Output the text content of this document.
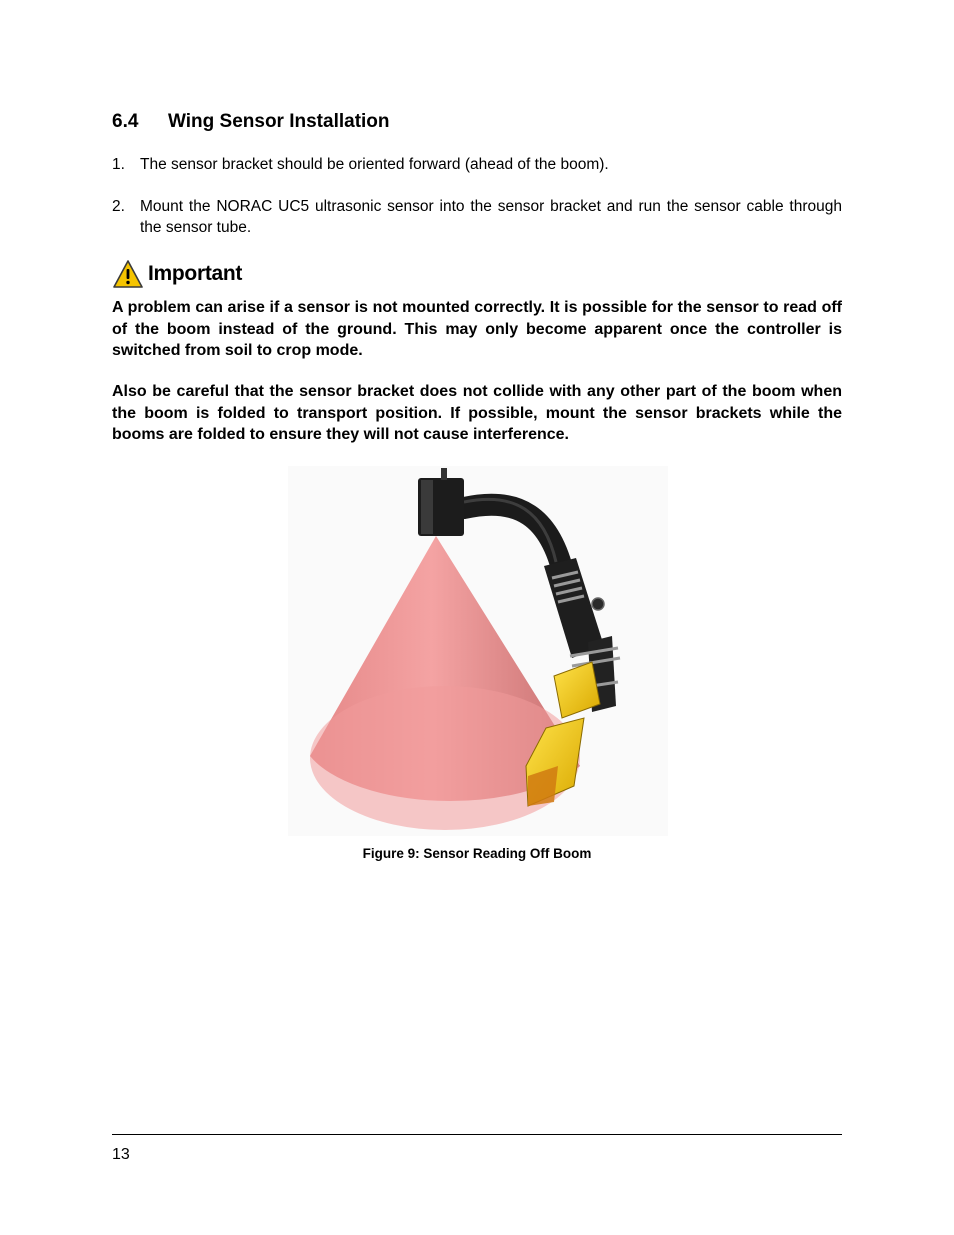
6.4 Wing Sensor Installation
1. The sensor bracket should be oriented forward (ahead of the boom).
2. Mount the NORAC UC5 ultrasonic sensor into the sensor bracket and run the sensor cable through the sensor tube.
Important

A problem can arise if a sensor is not mounted correctly. It is possible for the sensor to read off of the boom instead of the ground. This may only become apparent once the controller is switched from soil to crop mode.

Also be careful that the sensor bracket does not collide with any other part of the boom when the boom is folded to transport position. If possible, mount the sensor brackets while the booms are folded to ensure they will not cause interference.

Figure 9: Sensor Reading Off Boom
13
